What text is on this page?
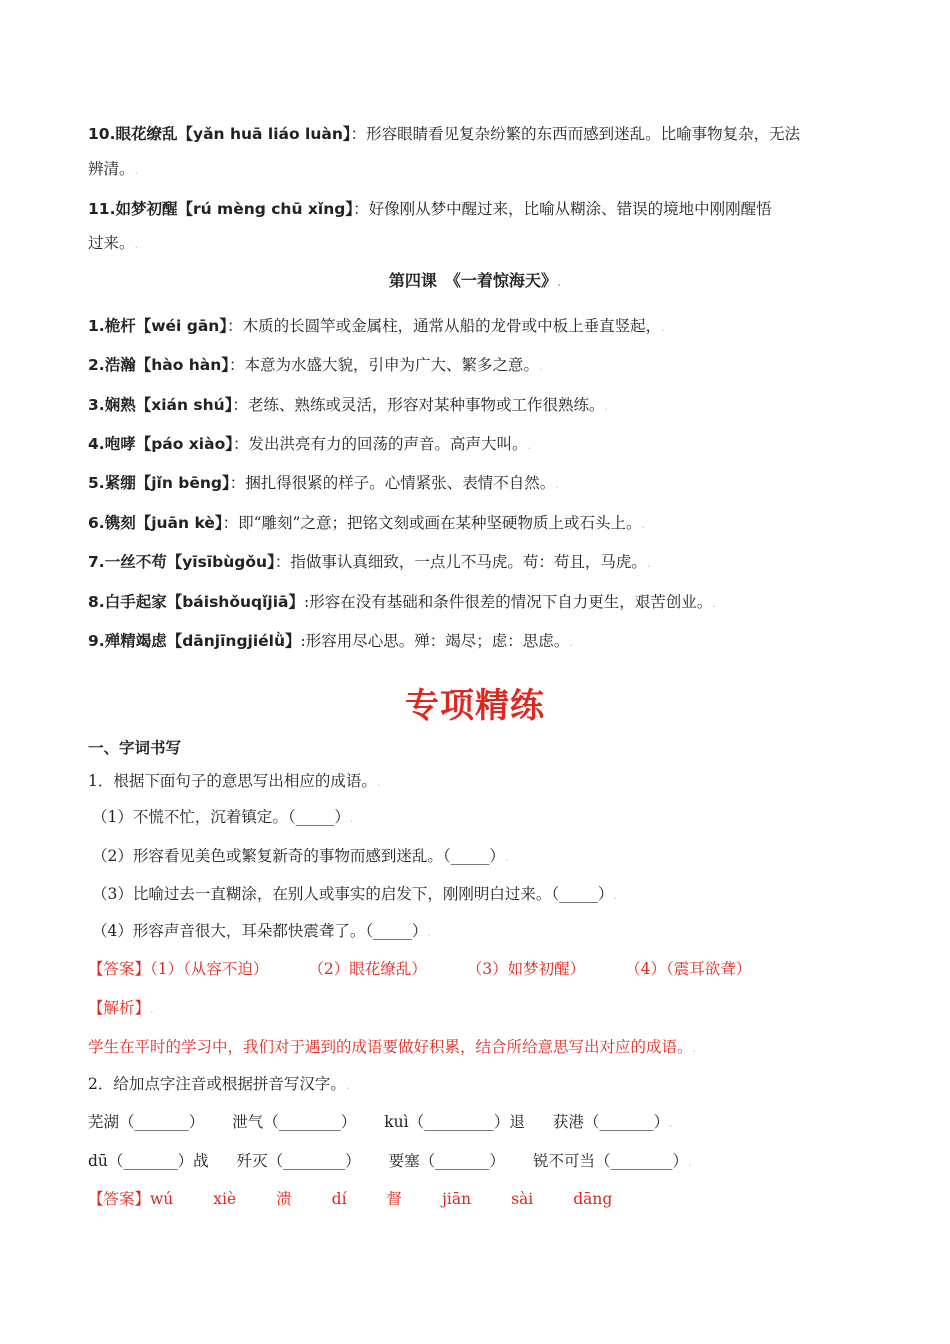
10.眼花缭乱【yǎn huā liáo luàn】：形容眼睛看见复杂纷繁的东西而感到迷乱。比喻事物复杂，无法
辨清。.
11.如梦初醒【rú mèng chū xǐng】：好像刚从梦中醒过来，比喻从糊涂、错误的境地中刚刚醒悟
过来。.
第四课　《一着惊海天》.
1.桅杆【wéi gān】：木质的长圆竿或金属柱，通常从船的龙骨或中板上垂直竖起，.
2.浩瀚【hào hàn】：本意为水盛大貌，引申为广大、繁多之意。.
3.娴熟【xián shú】：老练、熟练或灵活，形容对某种事物或工作很熟练。.
4.咆哮【páo xiào】：发出洪亮有力的回荡的声音。高声大叫。.
5.紧绷【jǐn bēng】：捆扎得很紧的样子。心情紧张、表情不自然。.
6.镌刻【juān kè】：即“雕刻”之意；把铭文刻或画在某种坚硬物质上或石头上。.
7.一丝不苟【yīsībùgǒu】：指做事认真细致，一点儿不马虎。苟：苟且，马虎。.
8.白手起家【báishǒuqǐjiā】:形容在没有基础和条件很差的情况下自力更生，艰苦创业。.
9.殚精竭虑【dānjīngjiélǜ】:形容用尽心思。殚：竭尽；虑：思虑。.
专项精练
一、字词书写
1．根据下面句子的意思写出相应的成语。.
（1）不慌不忙，沉着镇定。（_____）.
（2）形容看见美色或繁复新奇的事物而感到迷乱。（_____）.
（3）比喻过去一直糊涂，在别人或事实的启发下，刚刚明白过来。（_____）.
（4）形容声音很大，耳朵都快震聋了。（_____）.
【答案】（1）（从容不迫）	（2）眼花缭乱）	（3）如梦初醒）	（4）（震耳欲聋）
【解析】.
学生在平时的学习中，我们对于遇到的成语要做好积累，结合所给意思写出对应的成语。.
2．给加点字注音或根据拼音写汉字。.
芜湖（_______） 泄气（________） kuì（_________）退 获港（_______）.
dū（_______）战 歼灭（________） 要塞（_______） 锐不可当（________）.
【答案】wú	xiè	溃	dí	督	jiān	sài	dāng
